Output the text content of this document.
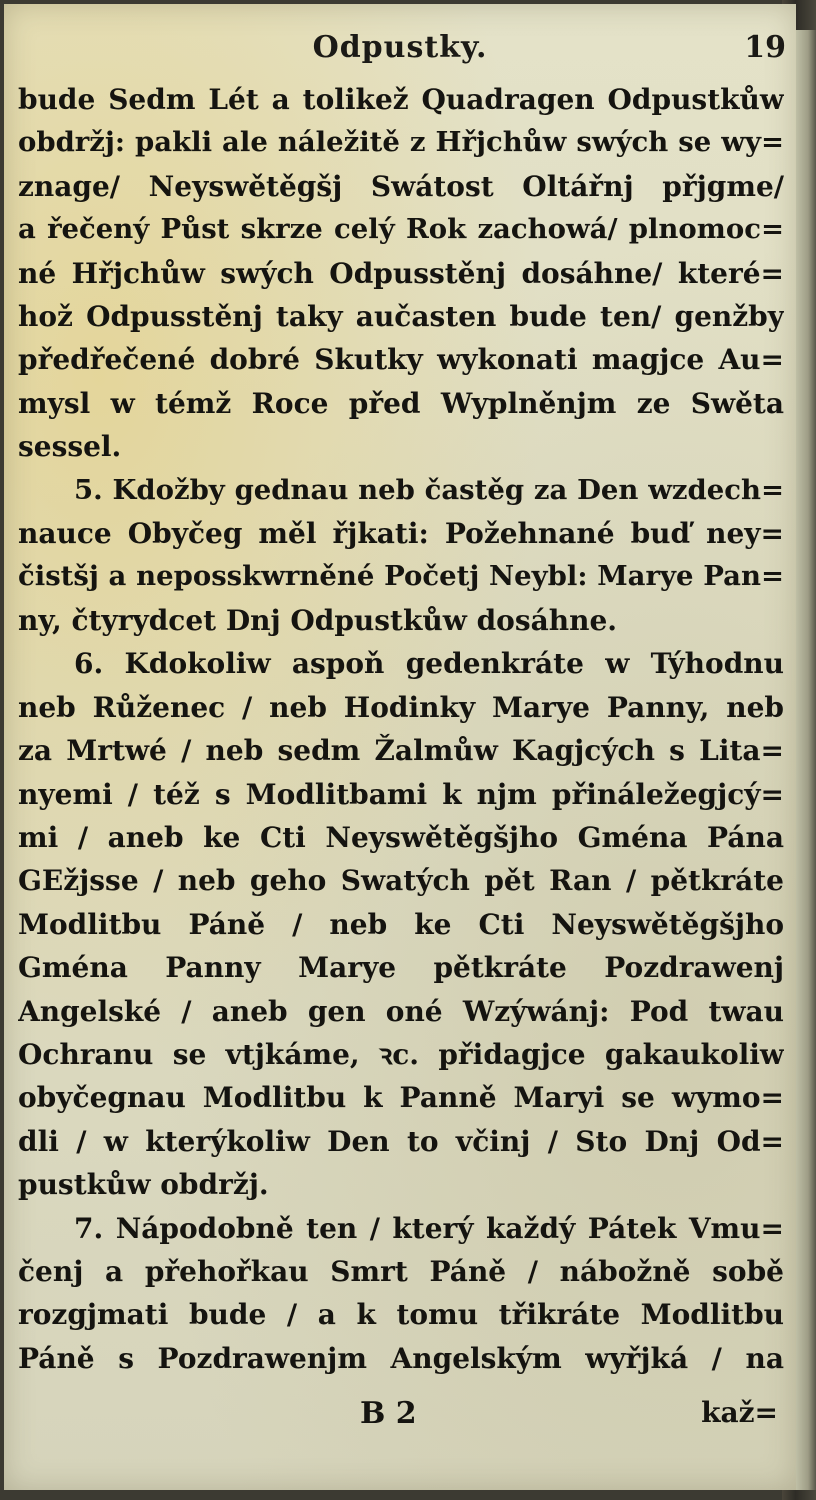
Odpustky.	19
bude Sedm Lét a tolikež Quadragen Odpustkůw
obdržj: pakli ale náležitě z Hřjchůw swých se wy=
znage/ Neyswětěgšj Swátost Oltářnj přjgme/
a řečený Půst skrze celý Rok zachowá/ plnomoc=
né Hřjchůw swých Odpusstěnj dosáhne/ které=
hož Odpusstěnj taky aučasten bude ten/ genžby
předřečené dobré Skutky wykonati magjce Au=
mysl w témž Roce před Wyplněnjm ze Swěta
sessel.
5. Kdožby gednau neb častěg za Den wzdech=
nauce Obyčeg měl řjkati: Požehnané buď ney=
čistšj a neposskwrněné Početj Neybl: Marye Pan=
ny, čtyrydcet Dnj Odpustkůw dosáhne.
6. Kdokoliw aspoň gedenkráte w Týhodnu
neb Růženec / neb Hodinky Marye Panny, neb
za Mrtwé / neb sedm Žalmůw Kagjcých s Lita=
nyemi / též s Modlitbami k njm přináležegjcý=
mi / aneb ke Cti Neyswětěgšjho Gména Pána
GEžjsse / neb geho Swatých pět Ran / pětkráte
Modlitbu Páně / neb ke Cti Neyswětěgšjho
Gména Panny Marye pětkráte Pozdrawenj
Angelské / aneb gen oné Wzýwánj: Pod twau
Ochranu se vtjkáme, ꝛc. přidagjce gakaukoliw
obyčegnau Modlitbu k Panně Maryi se wymo=
dli / w kterýkoliw Den to včinj / Sto Dnj Od=
pustkůw obdržj.
7. Nápodobně ten / který každý Pátek Vmu=
čenj a přehořkau Smrt Páně / nábožně sobě
rozgjmati bude / a k tomu třikráte Modlitbu
Páně s Pozdrawenjm Angelským wyřjká / na
B 2	kaž=
